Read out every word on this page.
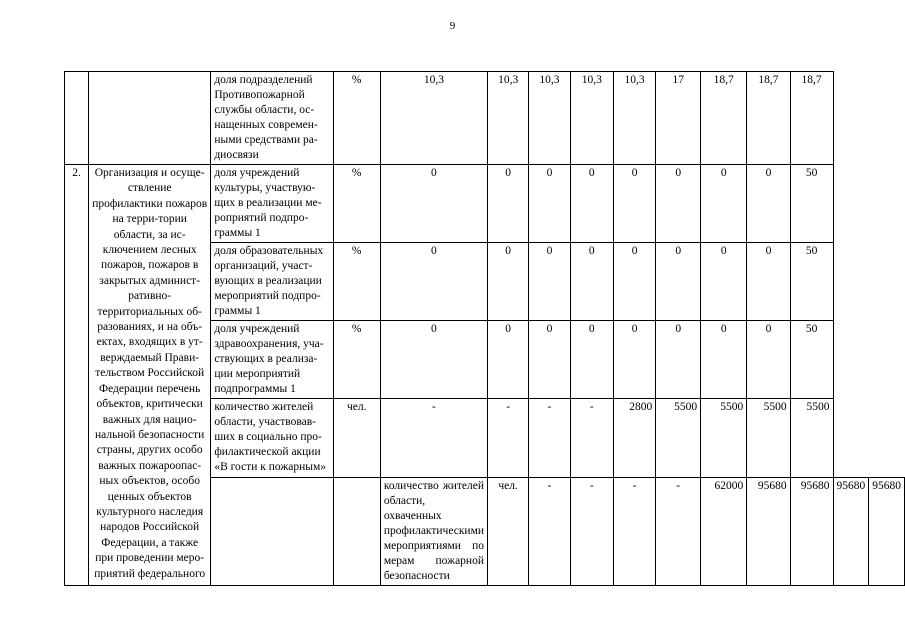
9
		доля подразделений Противопожарной службы области, ос-нащенных современ-ными средствами ра-диосвязи	%	10,3	10,3	10,3	10,3	10,3	17	18,7	18,7	18,7		
2.	Организация и осуще-ствление профилактики пожаров на терри-тории области, за ис-ключением лесных пожаров, пожаров в закрытых админист-ративно-территориальных об-разованиях, и на объ-ектах, входящих в ут-верждаемый Прави-тельством Российской Федерации перечень объектов, критически важных для нацио-нальной безопасности страны, других особо важных пожароопас-ных объектов, особо ценных объектов культурного наследия народов Российской Федерации, а также при проведении меро-приятий федерального	доля учреждений культуры, участвую-щих в реализации ме-роприятий подпро-граммы 1	%	0	0	0	0	0	0	0	0	50		
		доля образовательных организаций, участ-вующих в реализации мероприятий подпро-граммы 1	%	0	0	0	0	0	0	0	0	50		
		доля учреждений здравоохранения, уча-ствующих в реализа-ции мероприятий подпрограммы 1	%	0	0	0	0	0	0	0	0	50		
		количество жителей области, участвовав-ших в социально про-филактической акции «В гости к пожарным»	чел.	-	-	-	-	2800	5500	5500	5500	5500		
				количество жителей области, охваченных профилактическими мероприятиями по мерам пожарной безопасности	чел.	-	-	-	-	62000	95680	95680	95680	95680
